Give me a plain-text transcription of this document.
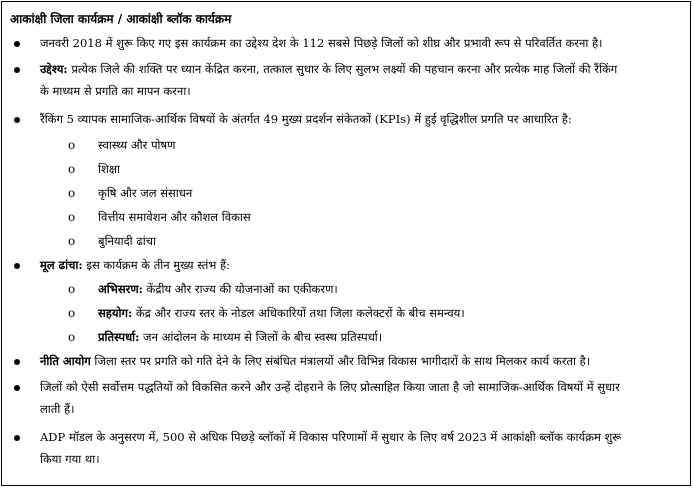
आकांक्षी जिला कार्यक्रम / आकांक्षी ब्लॉक कार्यक्रम
जनवरी 2018 में शुरू किए गए इस कार्यक्रम का उद्देश्य देश के 112 सबसे पिछड़े जिलों को शीघ्र और प्रभावी रूप से परिवर्तित करना है।
उद्देश्य: प्रत्येक जिले की शक्ति पर ध्यान केंद्रित करना, तत्काल सुधार के लिए सुलभ लक्ष्यों की पहचान करना और प्रत्येक माह जिलों की रैंकिंग
के माध्यम से प्रगति का मापन करना।
रैंकिंग 5 व्यापक सामाजिक-आर्थिक विषयों के अंतर्गत 49 मुख्य प्रदर्शन संकेतकों (KPIs) में हुई वृद्धिशील प्रगति पर आधारित है:
o स्वास्थ्य और पोषण
o शिक्षा
o कृषि और जल संसाधन
o वित्तीय समावेशन और कौशल विकास
o बुनियादी ढांचा
मूल ढांचा: इस कार्यक्रम के तीन मुख्य स्तंभ हैं:
o अभिसरण: केंद्रीय और राज्य की योजनाओं का एकीकरण।
o सहयोग: केंद्र और राज्य स्तर के नोडल अधिकारियों तथा जिला कलेक्टरों के बीच समन्वय।
o प्रतिस्पर्धा: जन आंदोलन के माध्यम से जिलों के बीच स्वस्थ प्रतिस्पर्धा।
नीति आयोग जिला स्तर पर प्रगति को गति देने के लिए संबंधित मंत्रालयों और विभिन्न विकास भागीदारों के साथ मिलकर कार्य करता है।
जिलों को ऐसी सर्वोत्तम पद्धतियों को विकसित करने और उन्हें दोहराने के लिए प्रोत्साहित किया जाता है जो सामाजिक-आर्थिक विषयों में सुधार
लाती हैं।
ADP मॉडल के अनुसरण में, 500 से अधिक पिछड़े ब्लॉकों में विकास परिणामों में सुधार के लिए वर्ष 2023 में आकांक्षी ब्लॉक कार्यक्रम शुरू
किया गया था।
